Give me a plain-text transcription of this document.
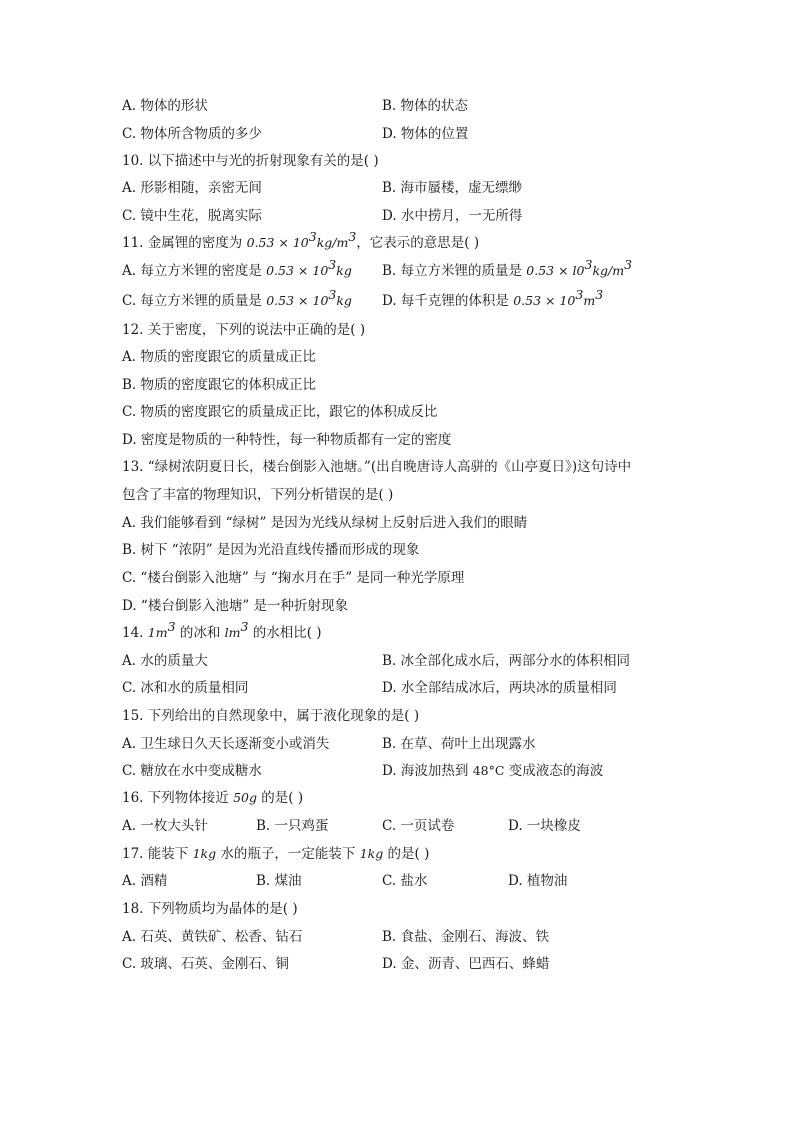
A. 物体的形状	B. 物体的状态
C. 物体所含物质的多少	D. 物体的位置
10. 以下描述中与光的折射现象有关的是( )
A. 形影相随，亲密无间	B. 海市蜃楼，虚无缥缈
C. 镜中生花，脱离实际	D. 水中捞月，一无所得
11. 金属锂的密度为 $0.53 \times 10^3kg/m^3$，它表示的意思是( )
A. 每立方米锂的密度是 $0.53 \times 10^3kg$ B. 每立方米锂的质量是 $0.53 \times l0^3kg/m^3$
C. 每立方米锂的质量是 $0.53 \times 10^3kg$ D. 每千克锂的体积是 $0.53 \times 10^3m^3$
12. 关于密度，下列的说法中正确的是( )
A. 物质的密度跟它的质量成正比
B. 物质的密度跟它的体积成正比
C. 物质的密度跟它的质量成正比，跟它的体积成反比
D. 密度是物质的一种特性，每一种物质都有一定的密度
13. “绿树浓阴夏日长，楼台倒影入池塘。”(出自晚唐诗人高骈的《山亭夏日》)这句诗中
包含了丰富的物理知识，下列分析错误的是( )
A. 我们能够看到 “绿树” 是因为光线从绿树上反射后进入我们的眼睛
B. 树下 “浓阴” 是因为光沿直线传播而形成的现象
C. “楼台倒影入池塘” 与 “掬水月在手” 是同一种光学原理
D. “楼台倒影入池塘” 是一种折射现象
14. $1m^3$ 的冰和 $lm^3$ 的水相比( )
A. 水的质量大	B. 冰全部化成水后，两部分水的体积相同
C. 冰和水的质量相同	D. 水全部结成冰后，两块冰的质量相同
15. 下列给出的自然现象中，属于液化现象的是( )
A. 卫生球日久天长逐渐变小或消失	B. 在草、荷叶上出现露水
C. 糖放在水中变成糖水	D. 海波加热到 48°C 变成液态的海波
16. 下列物体接近 50g 的是( )
A. 一枚大头针	B. 一只鸡蛋	C. 一页试卷	D. 一块橡皮
17. 能装下 1kg 水的瓶子，一定能装下 1kg 的是( )
A. 酒精	B. 煤油	C. 盐水	D. 植物油
18. 下列物质均为晶体的是( )
A. 石英、黄铁矿、松香、钻石	B. 食盐、金刚石、海波、铁
C. 玻璃、石英、金刚石、铜	D. 金、沥青、巴西石、蜂蜡
